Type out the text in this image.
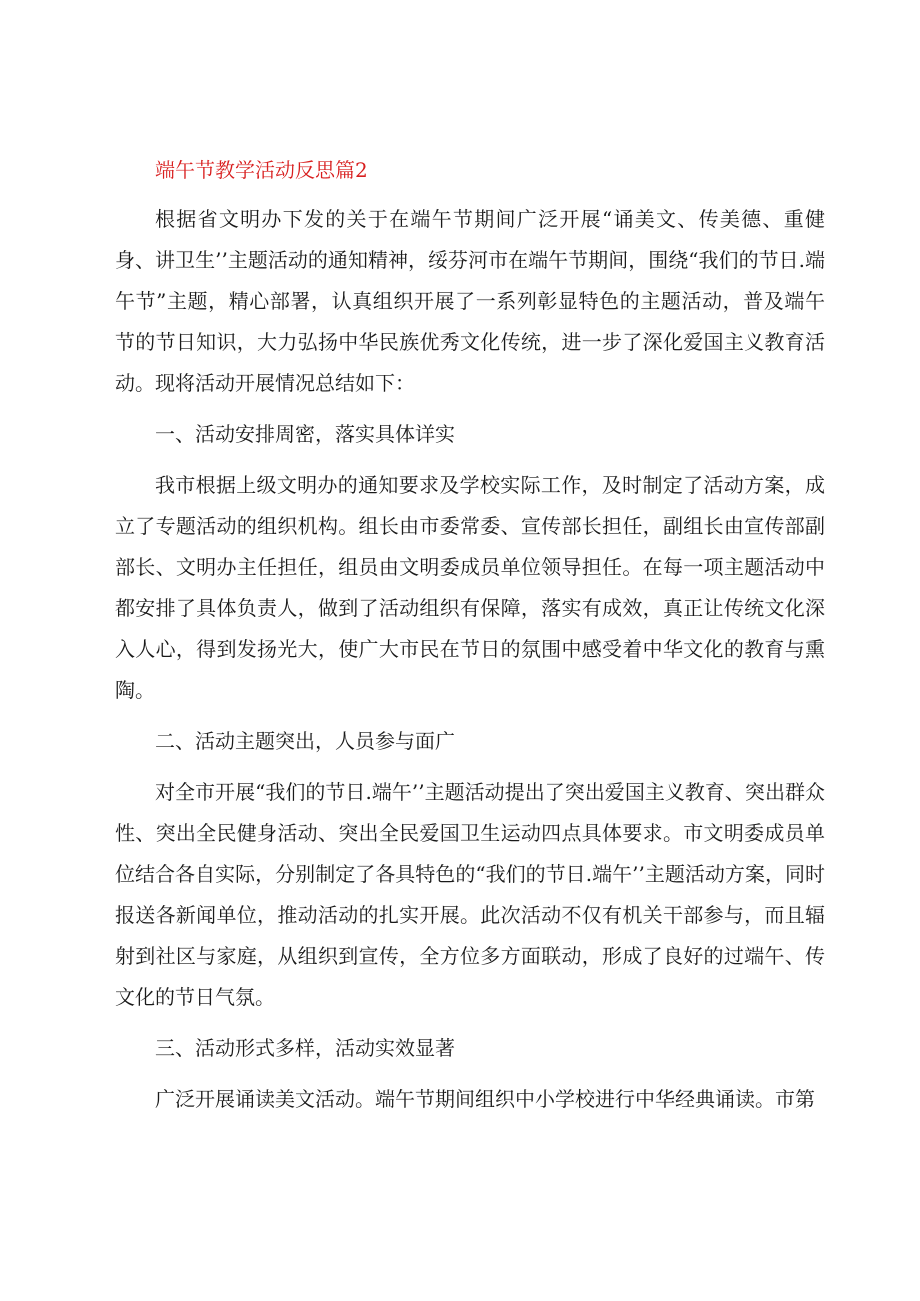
端午节教学活动反思篇2

根据省文明办下发的关于在端午节期间广泛开展“诵美文、传美德、重健身、讲卫生’’主题活动的通知精神，绥芬河市在端午节期间，围绕“我们的节日.端午节”主题，精心部署，认真组织开展了一系列彰显特色的主题活动，普及端午节的节日知识，大力弘扬中华民族优秀文化传统，进一步了深化爱国主义教育活动。现将活动开展情况总结如下：

一、活动安排周密，落实具体详实

我市根据上级文明办的通知要求及学校实际工作，及时制定了活动方案，成立了专题活动的组织机构。组长由市委常委、宣传部长担任，副组长由宣传部副部长、文明办主任担任，组员由文明委成员单位领导担任。在每一项主题活动中都安排了具体负责人，做到了活动组织有保障，落实有成效，真正让传统文化深入人心，得到发扬光大，使广大市民在节日的氛围中感受着中华文化的教育与熏陶。

二、活动主题突出，人员参与面广

对全市开展“我们的节日.端午’’主题活动提出了突出爱国主义教育、突出群众性、突出全民健身活动、突出全民爱国卫生运动四点具体要求。市文明委成员单位结合各自实际，分别制定了各具特色的“我们的节日.端午’’主题活动方案，同时报送各新闻单位，推动活动的扎实开展。此次活动不仅有机关干部参与，而且辐射到社区与家庭，从组织到宣传，全方位多方面联动，形成了良好的过端午、传文化的节日气氛。

三、活动形式多样，活动实效显著

广泛开展诵读美文活动。端午节期间组织中小学校进行中华经典诵读。市第
